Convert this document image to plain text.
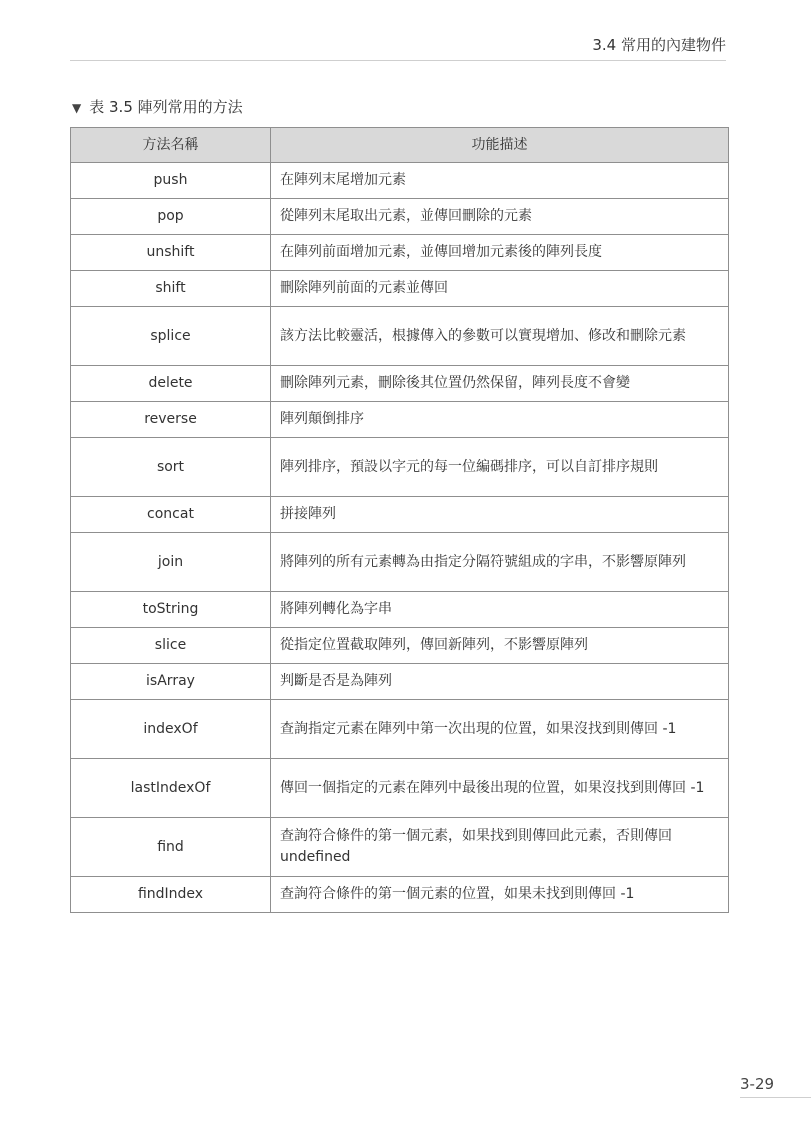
3.4 常用的內建物件
▼ 表 3.5 陣列常用的方法
方法名稱	功能描述
push	在陣列末尾增加元素
pop	從陣列末尾取出元素，並傳回刪除的元素
unshift	在陣列前面增加元素，並傳回增加元素後的陣列長度
shift	刪除陣列前面的元素並傳回
splice	該方法比較靈活，根據傳入的參數可以實現增加、修改和刪除元素
delete	刪除陣列元素，刪除後其位置仍然保留，陣列長度不會變
reverse	陣列顛倒排序
sort	陣列排序，預設以字元的每一位編碼排序，可以自訂排序規則
concat	拼接陣列
join	將陣列的所有元素轉為由指定分隔符號組成的字串，不影響原陣列
toString	將陣列轉化為字串
slice	從指定位置截取陣列，傳回新陣列，不影響原陣列
isArray	判斷是否是為陣列
indexOf	查詢指定元素在陣列中第一次出現的位置，如果沒找到則傳回 -1
lastIndexOf	傳回一個指定的元素在陣列中最後出現的位置，如果沒找到則傳回 -1
find	查詢符合條件的第一個元素，如果找到則傳回此元素，否則傳回 undefined
findIndex	查詢符合條件的第一個元素的位置，如果未找到則傳回 -1
3-29
